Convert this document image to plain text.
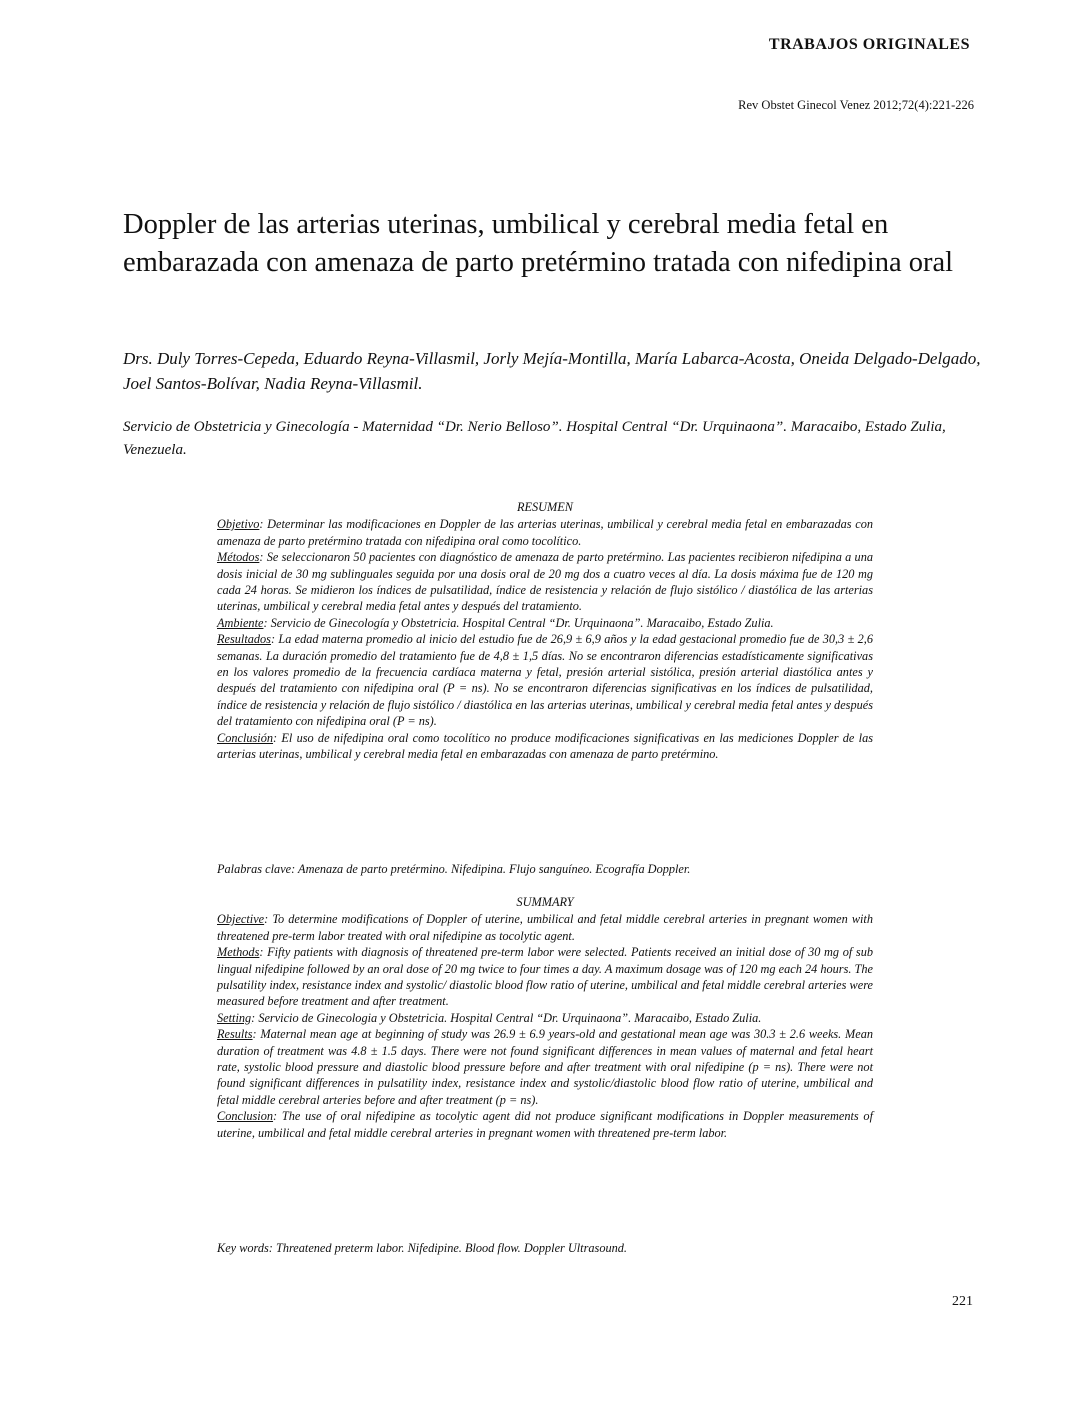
TRABAJOS ORIGINALES
Rev Obstet Ginecol Venez 2012;72(4):221-226
Doppler de las arterias uterinas, umbilical y cerebral media fetal en embarazada con amenaza de parto pretérmino tratada con nifedipina oral

Drs. Duly Torres-Cepeda, Eduardo Reyna-Villasmil, Jorly Mejía-Montilla, María Labarca-Acosta, Oneida Delgado-Delgado, Joel Santos-Bolívar, Nadia Reyna-Villasmil.

Servicio de Obstetricia y Ginecología - Maternidad “Dr. Nerio Belloso”. Hospital Central “Dr. Urquinaona”. Maracaibo, Estado Zulia, Venezuela.

RESUMEN

Objetivo: Determinar las modificaciones en Doppler de las arterias uterinas, umbilical y cerebral media fetal en embarazadas con amenaza de parto pretérmino tratada con nifedipina oral como tocolítico.

Métodos: Se seleccionaron 50 pacientes con diagnóstico de amenaza de parto pretérmino. Las pacientes recibieron nifedipina a una dosis inicial de 30 mg sublinguales seguida por una dosis oral de 20 mg dos a cuatro veces al día. La dosis máxima fue de 120 mg cada 24 horas. Se midieron los índices de pulsatilidad, índice de resistencia y relación de flujo sistólico / diastólica de las arterias uterinas, umbilical y cerebral media fetal antes y después del tratamiento.

Ambiente: Servicio de Ginecología y Obstetricia. Hospital Central “Dr. Urquinaona”. Maracaibo, Estado Zulia.

Resultados: La edad materna promedio al inicio del estudio fue de 26,9 ± 6,9 años y la edad gestacional promedio fue de 30,3 ± 2,6 semanas. La duración promedio del tratamiento fue de 4,8 ± 1,5 días. No se encontraron diferencias estadísticamente significativas en los valores promedio de la frecuencia cardíaca materna y fetal, presión arterial sistólica, presión arterial diastólica antes y después del tratamiento con nifedipina oral (P = ns). No se encontraron diferencias significativas en los índices de pulsatilidad, índice de resistencia y relación de flujo sistólico / diastólica en las arterias uterinas, umbilical y cerebral media fetal antes y después del tratamiento con nifedipina oral (P = ns).

Conclusión: El uso de nifedipina oral como tocolítico no produce modificaciones significativas en las mediciones Doppler de las arterias uterinas, umbilical y cerebral media fetal en embarazadas con amenaza de parto pretérmino.

Palabras clave: Amenaza de parto pretérmino. Nifedipina. Flujo sanguíneo. Ecografía Doppler.

SUMMARY

Objective: To determine modifications of Doppler of uterine, umbilical and fetal middle cerebral arteries in pregnant women with threatened pre-term labor treated with oral nifedipine as tocolytic agent.

Methods: Fifty patients with diagnosis of threatened pre-term labor were selected. Patients received an initial dose of 30 mg of sub lingual nifedipine followed by an oral dose of 20 mg twice to four times a day. A maximum dosage was of 120 mg each 24 hours. The pulsatility index, resistance index and systolic/ diastolic blood flow ratio of uterine, umbilical and fetal middle cerebral arteries were measured before treatment and after treatment.

Setting: Servicio de Ginecologia y Obstetricia. Hospital Central “Dr. Urquinaona”. Maracaibo, Estado Zulia.

Results: Maternal mean age at beginning of study was 26.9 ± 6.9 years-old and gestational mean age was 30.3 ± 2.6 weeks. Mean duration of treatment was 4.8 ± 1.5 days. There were not found significant differences in mean values of maternal and fetal heart rate, systolic blood pressure and diastolic blood pressure before and after treatment with oral nifedipine (p = ns). There were not found significant differences in pulsatility index, resistance index and systolic/diastolic blood flow ratio of uterine, umbilical and fetal middle cerebral arteries before and after treatment (p = ns).

Conclusion: The use of oral nifedipine as tocolytic agent did not produce significant modifications in Doppler measurements of uterine, umbilical and fetal middle cerebral arteries in pregnant women with threatened pre-term labor.

Key words: Threatened preterm labor. Nifedipine. Blood flow. Doppler Ultrasound.
221
